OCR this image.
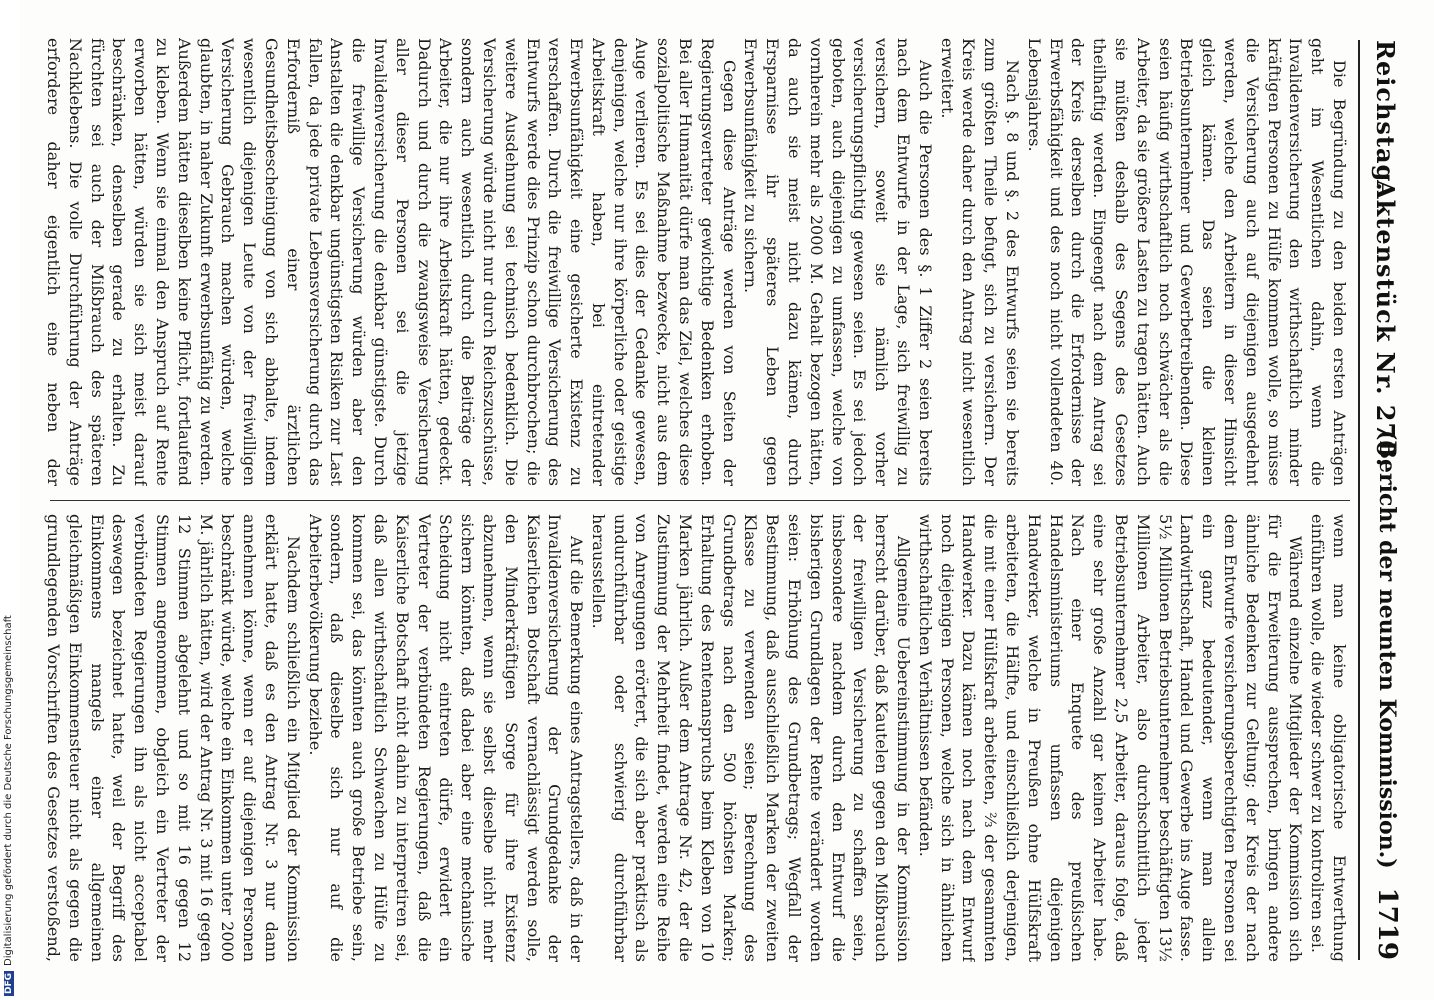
DFGDigitalisierung gefördert durch die Deutsche Forschungsgemeinschaft
Reichstag.
Aktenstück Nr. 270.
(Bericht der neunten Kommission.)
1719

Die Begründung zu den beiden ersten Anträgen geht im Wesentlichen dahin, wenn die Invalidenversicherung den wirthschaftlich minder kräftigen Personen zu Hülfe kommen wolle, so müsse die Versicherung auch auf diejenigen ausgedehnt werden, welche den Arbeitern in dieser Hinsicht gleich kämen. Das seien die kleinen Betriebsunternehmer und Gewerbetreibenden. Diese seien häufig wirthschaftlich noch schwächer als die Arbeiter, da sie größere Lasten zu tragen hätten. Auch sie müßten deshalb des Segens des Gesetzes theilhaftig werden. Eingeengt nach dem Antrag sei der Kreis derselben durch die Erfordernisse der Erwerbsfähigkeit und des noch nicht vollendeten 40. Lebensjahres.

Nach §. 8 und §. 2 des Entwurfs seien sie bereits zum größten Theile befugt, sich zu versichern. Der Kreis werde daher durch den Antrag nicht wesentlich erweitert.

Auch die Personen des §. 1 Ziffer 2 seien bereits nach dem Entwurfe in der Lage, sich freiwillig zu versichern, soweit sie nämlich vorher versicherungspflichtig gewesen seien. Es sei jedoch geboten, auch diejenigen zu umfassen, welche von vornherein mehr als 2000 M. Gehalt bezogen hätten, da auch sie meist nicht dazu kämen, durch Ersparnisse ihr späteres Leben gegen Erwerbsunfähigkeit zu sichern.

Gegen diese Anträge werden von Seiten der Regierungsvertreter gewichtige Bedenken erhoben. Bei aller Humanität dürfe man das Ziel, welches diese sozialpolitische Maßnahme bezwecke, nicht aus dem Auge verlieren. Es sei dies der Gedanke gewesen, denjenigen, welche nur ihre körperliche oder geistige Arbeitskraft haben, bei eintretender Erwerbsunfähigkeit eine gesicherte Existenz zu verschaffen. Durch die freiwillige Versicherung des Entwurfs werde dies Prinzip schon durchbrochen; die weitere Ausdehnung sei technisch bedenklich. Die Versicherung würde nicht nur durch Reichszuschüsse, sondern auch wesentlich durch die Beiträge der Arbeiter, die nur ihre Arbeitskraft hätten, gedeckt. Dadurch und durch die zwangsweise Versicherung aller dieser Personen sei die jetzige Invalidenversicherung die denkbar günstigste. Durch die freiwillige Versicherung würden aber den Anstalten die denkbar ungünstigsten Risiken zur Last fallen, da jede private Lebensversicherung durch das Erforderniß einer ärztlichen Gesundheitsbescheinigung von sich abhalte, indem wesentlich diejenigen Leute von der freiwilligen Versicherung Gebrauch machen würden, welche glaubten, in naher Zukunft erwerbsunfähig zu werden. Außerdem hätten dieselben keine Pflicht, fortlaufend zu kleben. Wenn sie einmal den Anspruch auf Rente erworben hätten, würden sie sich meist darauf beschränken, denselben gerade zu erhalten. Zu fürchten sei auch der Mißbrauch des späteren Nachklebens. Die volle Durchführung der Anträge erfordere daher eigentlich eine neben der

wenn man keine obligatorische Entwerthung einführen wolle, die wieder schwer zu kontroliren sei.

Während einzelne Mitglieder der Kommission sich für die Erweiterung aussprechen, bringen andere ähnliche Bedenken zur Geltung; der Kreis der nach dem Entwurfe versicherungsberechtigten Personen sei ein ganz bedeutender, wenn man allein Landwirthschaft, Handel und Gewerbe ins Auge fasse. 5½ Millionen Betriebsunternehmer beschäftigten 13½ Millionen Arbeiter, also durchschnittlich jeder Betriebsunternehmer 2,5 Arbeiter, daraus folge, daß eine sehr große Anzahl gar keinen Arbeiter habe. Nach einer Enquete des preußischen Handelsministeriums umfassen diejenigen Handwerker, welche in Preußen ohne Hülfskraft arbeiteten, die Hälfte, und einschließlich derjenigen, die mit einer Hülfskraft arbeiteten, ⅔ der gesammten Handwerker. Dazu kämen noch nach dem Entwurf noch diejenigen Personen, welche sich in ähnlichen wirthschaftlichen Verhältnissen befänden.

Allgemeine Uebereinstimmung in der Kommission herrscht darüber, daß Kautelen gegen den Mißbrauch der freiwilligen Versicherung zu schaffen seien, insbesondere nachdem durch den Entwurf die bisherigen Grundlagen der Rente verändert worden seien: Erhöhung des Grundbetrags; Wegfall der Bestimmung, daß ausschließlich Marken der zweiten Klasse zu verwenden seien; Berechnung des Grundbetrags nach den 500 höchsten Marken; Erhaltung des Rentenanspruchs beim Kleben von 10 Marken jährlich. Außer dem Antrage Nr. 42, der die Zustimmung der Mehrheit findet, werden eine Reihe von Anregungen erörtert, die sich aber praktisch als undurchführbar oder schwierig durchführbar herausstellen.

Auf die Bemerkung eines Antragstellers, daß in der Invalidenversicherung der Grundgedanke der Kaiserlichen Botschaft vernachlässigt werden solle, den Minderkräftigen Sorge für ihre Existenz abzunehmen, wenn sie selbst dieselbe nicht mehr sichern könnten, daß dabei aber eine mechanische Scheidung nicht eintreten dürfe, erwidert ein Vertreter der verbündeten Regierungen, daß die Kaiserliche Botschaft nicht dahin zu interpretiren sei, daß allen wirthschaftlich Schwachen zu Hülfe zu kommen sei, das könnten auch große Betriebe sein, sondern, daß dieselbe sich nur auf die Arbeiterbevölkerung beziehe.

Nachdem schließlich ein Mitglied der Kommission erklärt hatte, daß es den Antrag Nr. 3 nur dann annehmen könne, wenn er auf diejenigen Personen beschränkt würde, welche ein Einkommen unter 2000 M. jährlich hätten, wird der Antrag Nr. 3 mit 16 gegen 12 Stimmen abgelehnt und so mit 16 gegen 12 Stimmen angenommen, obgleich ein Vertreter der verbündeten Regierungen ihn als nicht acceptabel deswegen bezeichnet hatte, weil der Begriff des Einkommens mangels einer allgemeinen gleichmäßigen Einkommensteuer nicht als gegen die grundlegenden Vorschriften des Gesetzes verstoßend,
